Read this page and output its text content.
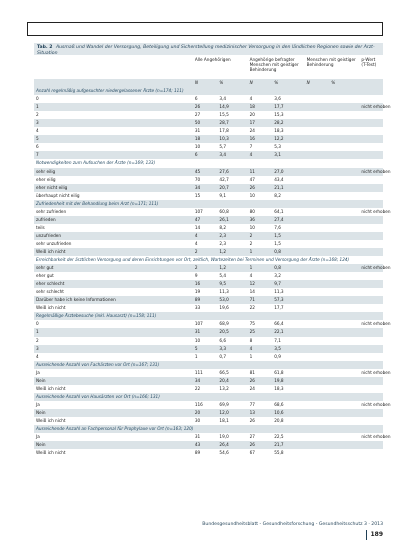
Tab. 2 Ausmaß und Wandel der Versorgung, Beteiligung und Sicherstellung medizinischer Versorgung in den ländlichen Regionen sowie der Arzt-Situation
	Alle Angehörigen		Angehörige befragter Menschen mit geistiger Behinderung		Menschen mit geistiger Behinderung		p-Wert (T-Test)
	N	%	N	%	N	%	
Anzahl regelmäßig aufgesuchter niedergelassener Ärzte (n=174; 111)							
0	6	3,4	4	3,6			
1	26	14,9	18	17,7			nicht erhoben
2	27	15,5	20	15,3			
3	50	28,7	17	28,2			
4	31	17,8	24	18,3			
5	18	10,3	16	12,2			
6	10	5,7	7	5,3			
7	6	3,4	4	3,1			
Notwendigkeiten zum Aufsuchen der Ärzte (n=169; 133)							
sehr eilig	45	27,6	11	27,0			nicht erhoben
eher eilig	70	42,7	47	43,4			
eher nicht eilig	34	20,7	26	21,1			
überhaupt nicht eilig	15	9,1	10	8,2			
Zufriedenheit mit der Behandlung beim Arzt (n=171; 111)							
sehr zufrieden	107	60,8	80	64,1			nicht erhoben
zufrieden	47	26,1	36	27,4			
teils	14	8,2	10	7,6			
unzufrieden	4	2,3	2	1,5			
sehr unzufrieden	4	2,3	2	1,5			
Weiß ich nicht	2	1,2	1	0,8			
Erreichbarkeit der ärztlichen Versorgung und deren Einrichtungen vor Ort, zeitlich, Wartezeiten bei Terminen und Versorgung der Ärzte (n=168; 124)							
sehr gut	2	1,2	1	0,8			nicht erhoben
eher gut	9	5,4	4	3,2			
eher schlecht	16	9,5	12	9,7			
sehr schlecht	19	11,3	14	11,3			
Darüber habe ich keine Informationen	89	53,0	71	57,3			
Weiß ich nicht	33	19,6	22	17,7			
Regelmäßige Ärztebesuche (inkl. Hausarzt) (n=158; 111)							
0	107	68,9	75	66,4			nicht erhoben
1	31	20,5	25	22,1			
2	10	6,6	8	7,1			
3	5	3,3	4	3,5			
4	1	0,7	1	0,9			
Ausreichende Anzahl von Fachärzten vor Ort (n=167; 131)							
Ja	111	66,5	81	61,8			nicht erhoben
Nein	34	20,4	26	19,8			
Weiß ich nicht	22	13,2	24	18,3			
Ausreichende Anzahl von Hausärzten vor Ort (n=166; 131)							
Ja	116	69,9	77	68,6			nicht erhoben
Nein	20	12,0	13	10,6			
Weiß ich nicht	30	18,1	26	20,8			
Ausreichende Anzahl an Fachpersonal für Prophylaxe vor Ort (n=163; 120)							
Ja	31	19,0	27	22,5			nicht erhoben
Nein	43	26,4	26	21,7			
Weiß ich nicht	89	54,6	67	55,8			
Bundesgesundheitsblatt - Gesundheitsforschung - Gesundheitsschutz 3 · 2013189
